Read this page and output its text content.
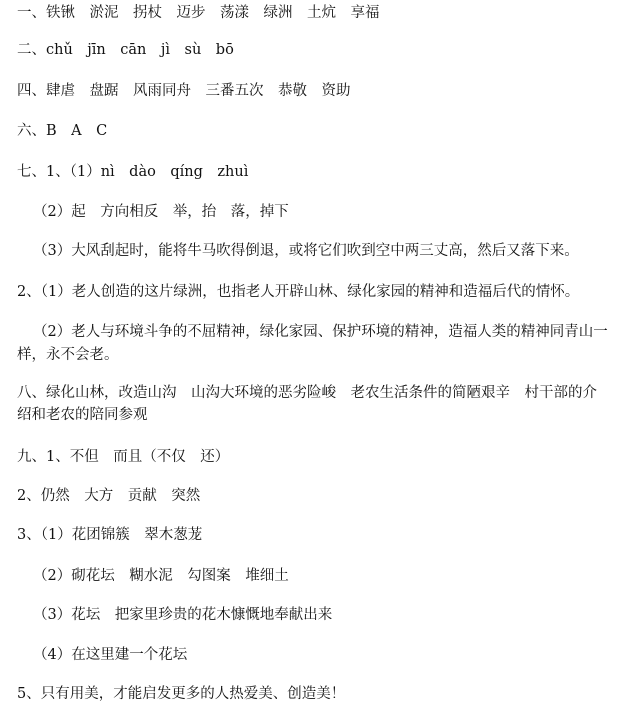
一、铁锹　淤泥　拐杖　迈步　荡漾　绿洲　土炕　享福
二、chǔ　jīn　cān　jì　sù　bō
四、肆虐　盘踞　风雨同舟　三番五次　恭敬　资助
六、B　A　C
七、1、（1）nì　dào　qíng　zhuì
（2）起　方向相反　举，抬　落，掉下
（3）大风刮起时，能将牛马吹得倒退，或将它们吹到空中两三丈高，然后又落下来。
2、（1）老人创造的这片绿洲，也指老人开辟山林、绿化家园的精神和造福后代的情怀。
（2）老人与环境斗争的不屈精神，绿化家园、保护环境的精神，造福人类的精神同青山一
样，永不会老。
八、绿化山林，改造山沟　山沟大环境的恶劣险峻　老农生活条件的简陋艰辛　村干部的介
绍和老农的陪同参观
九、1、不但　而且（不仅　还）
2、仍然　大方　贡献　突然
3、（1）花团锦簇　翠木葱茏
（2）砌花坛　糊水泥　勾图案　堆细土
（3）花坛　把家里珍贵的花木慷慨地奉献出来
（4）在这里建一个花坛
5、只有用美，才能启发更多的人热爱美、创造美！
